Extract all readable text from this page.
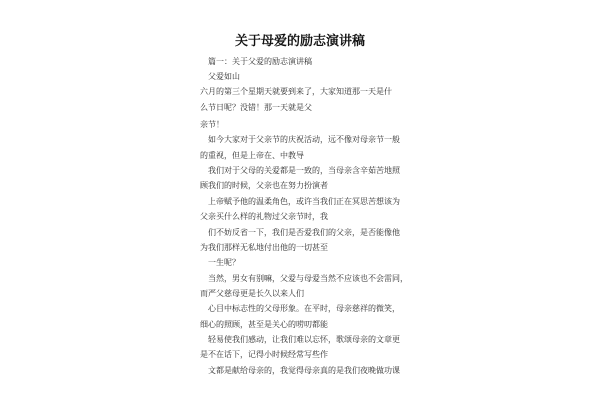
关于母爱的励志演讲稿
篇一：关于父爱的励志演讲稿
父爱如山
六月的第三个星期天就要到来了，大家知道那一天是什
么节日呢？没错！那一天就是父
亲节！
如今大家对于父亲节的庆祝活动，远不像对母亲节一般
的重视，但是上帝在、中教导
我们对于父母的关爱都是一致的，当母亲含辛茹苦地照
顾我们的时候，父亲也在努力扮演者
上帝赋予他的温柔角色，或许当我们正在冥思苦想该为
父亲买什么样的礼物过父亲节时，我
们不妨反省一下，我们是否爱我们的父亲，是否能像他
为我们那样无私地付出他的一切甚至
一生呢？
当然，男女有别嘛，父爱与母爱当然不应该也不会雷同，
而严父慈母更是长久以来人们
心目中标志性的父母形象。在平时，母亲慈祥的微笑，
细心的照顾，甚至是关心的唠叨都能
轻易使我们感动，让我们难以忘怀，歌颂母亲的文章更
是不在话下，记得小时候经常写些作
文都是献给母亲的，我觉得母亲真的是我们夜晚做功课
